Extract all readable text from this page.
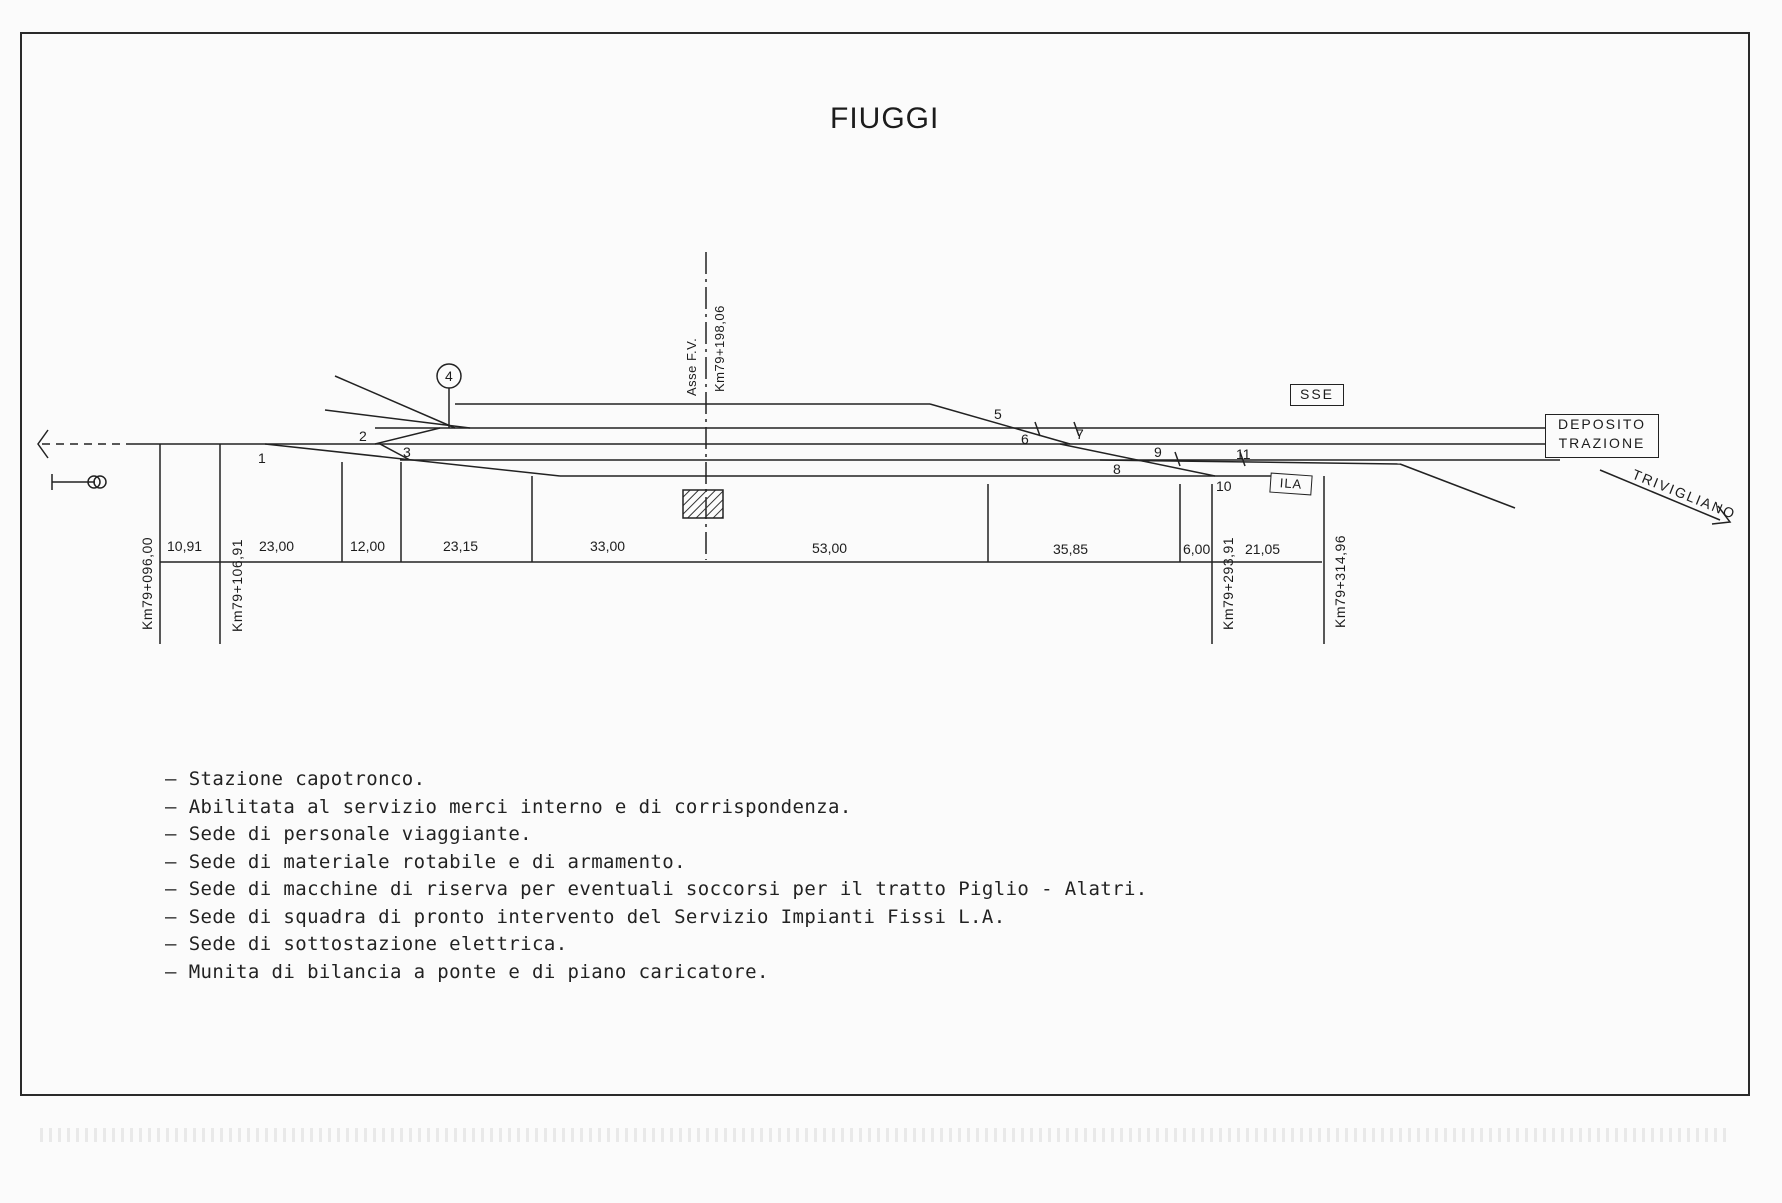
FIUGGI
1
2
3
4
5
6	7
8
9
10
11
10,91	23,00	12,00	23,15	33,00	53,00	35,85	6,00 21,05
Km79+096,00	Km79+106,91	Km79+293,91	Km79+314,96
Asse F.V. Km79+198,06
SSE
DEPOSITO
TRAZIONE
ILA	TRIVIGLIANO
– Stazione capotronco.
– Abilitata al servizio merci interno e di corrispondenza.
– Sede di personale viaggiante.
– Sede di materiale rotabile e di armamento.
– Sede di macchine di riserva per eventuali soccorsi per il tratto Piglio - Alatri.
– Sede di squadra di pronto intervento del Servizio Impianti Fissi L.A.
– Sede di sottostazione elettrica.
– Munita di bilancia a ponte e di piano caricatore.
